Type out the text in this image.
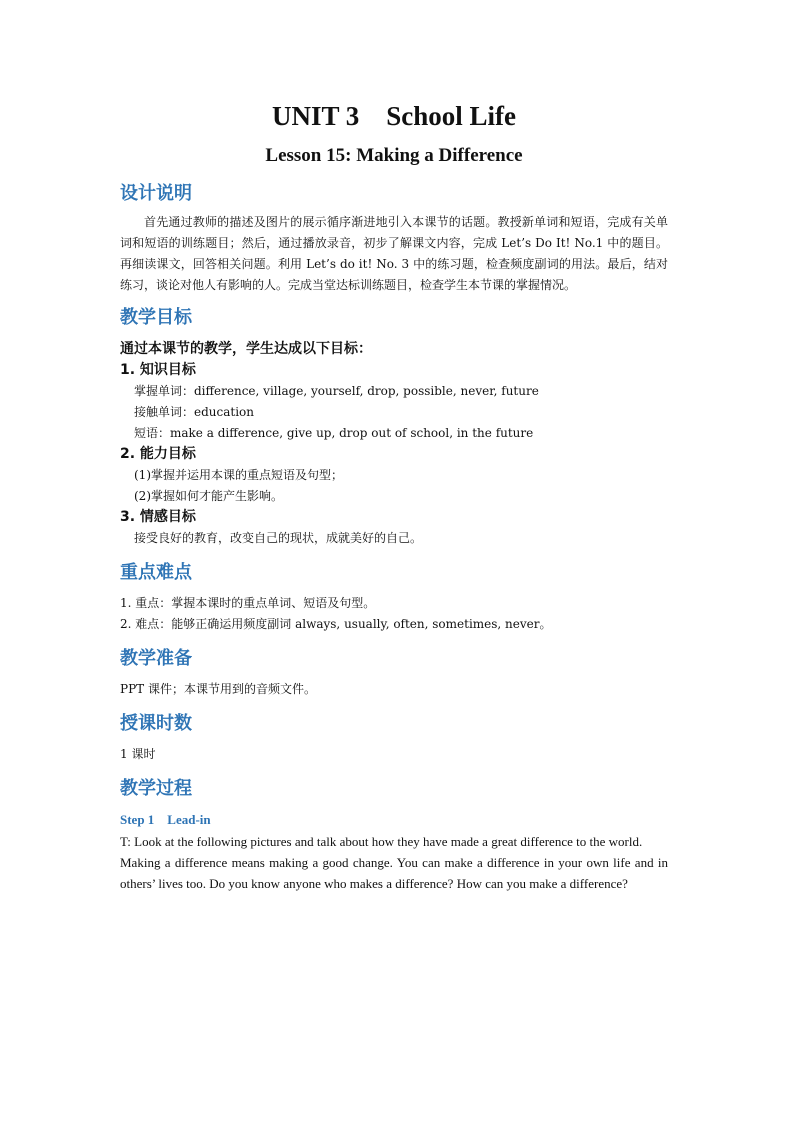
UNIT 3    School Life
Lesson 15: Making a Difference
设计说明

首先通过教师的描述及图片的展示循序渐进地引入本课节的话题。教授新单词和短语，完成有关单词和短语的训练题目；然后，通过播放录音，初步了解课文内容，完成 Let’s Do It! No.1 中的题目。再细读课文，回答相关问题。利用 Let’s do it! No. 3 中的练习题，检查频度副词的用法。最后，结对练习，谈论对他人有影响的人。完成当堂达标训练题目，检查学生本节课的掌握情况。

教学目标

通过本课节的教学，学生达成以下目标：

1. 知识目标

掌握单词：difference, village, yourself, drop, possible, never, future

接触单词：education

短语：make a difference, give up, drop out of school, in the future

2. 能力目标

(1)掌握并运用本课的重点短语及句型；

(2)掌握如何才能产生影响。

3. 情感目标

接受良好的教育，改变自己的现状，成就美好的自己。

重点难点

1. 重点：掌握本课时的重点单词、短语及句型。

2. 难点：能够正确运用频度副词 always, usually, often, sometimes, never。

教学准备

PPT 课件；本课节用到的音频文件。

授课时数

1 课时

教学过程

Step 1    Lead-in

T: Look at the following pictures and talk about how they have made a great difference to the world.

Making a difference means making a good change. You can make a difference in your own life and in others’ lives too. Do you know anyone who makes a difference? How can you make a difference?
